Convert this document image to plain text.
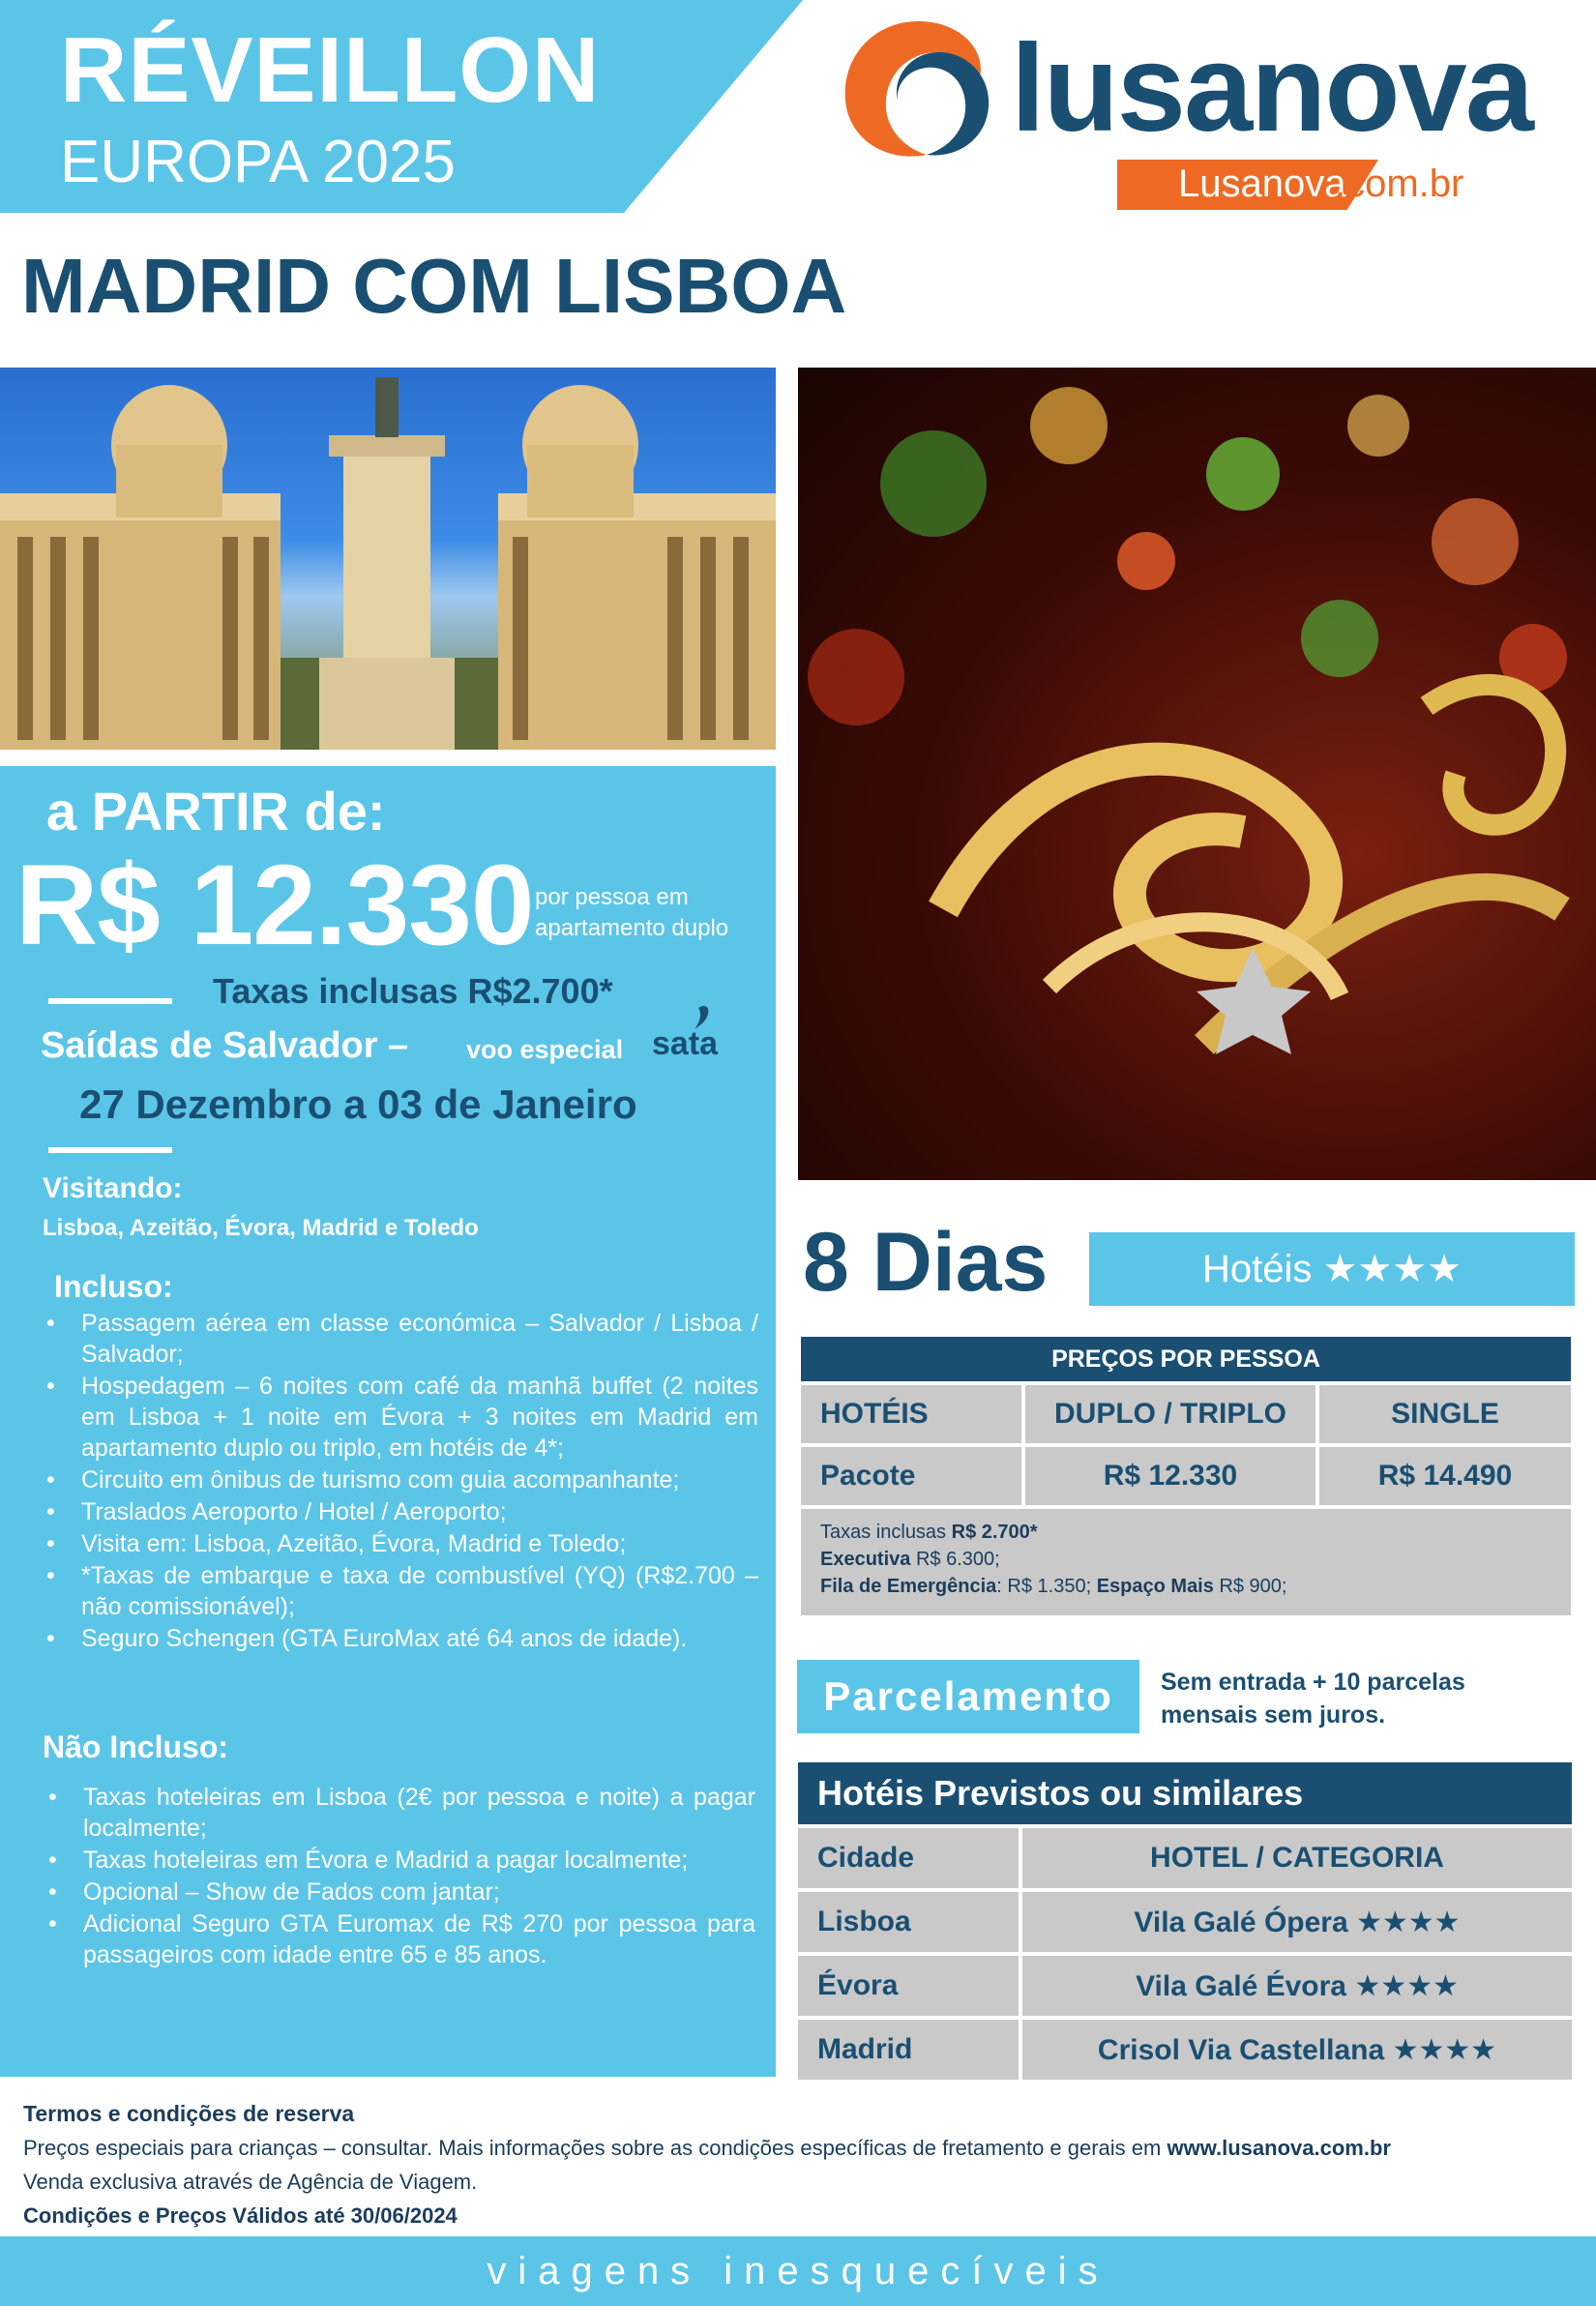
RÉVEILLON
EUROPA 2025
lusanova
Lusanova
.com.br
MADRID COM LISBOA
a PARTIR de:
R$ 12.330 por pessoa em
apartamento duplo
Taxas inclusas R$2.700*
Saídas de Salvador – voo especial sata
27 Dezembro a 03 de Janeiro
Visitando:
Lisboa, Azeitão, Évora, Madrid e Toledo
Incluso:
• Passagem aérea em classe económica – Salvador / Lisboa / Salvador;
• Hospedagem – 6 noites com café da manhã buffet (2 noites em Lisboa + 1 noite em Évora + 3 noites em Madrid em apartamento duplo ou triplo, em hotéis de 4*;
• Circuito em ônibus de turismo com guia acompanhante;
• Traslados Aeroporto / Hotel / Aeroporto;
• Visita em: Lisboa, Azeitão, Évora, Madrid e Toledo;
• *Taxas de embarque e taxa de combustível (YQ) (R$2.700 – não comissionável);
• Seguro Schengen (GTA EuroMax até 64 anos de idade).
Não Incluso:
• Taxas hoteleiras em Lisboa (2€ por pessoa e noite) a pagar localmente;
• Taxas hoteleiras em Évora e Madrid a pagar localmente;
• Opcional – Show de Fados com jantar;
• Adicional Seguro GTA Euromax de R$ 270 por pessoa para passageiros com idade entre 65 e 85 anos.
8 Dias	Hotéis ★★★★
PREÇOS POR PESSOA
HOTÉIS	DUPLO / TRIPLO	SINGLE
Pacote	R$ 12.330	R$ 14.490
Taxas inclusas R$ 2.700*
Executiva R$ 6.300;
Fila de Emergência: R$ 1.350; Espaço Mais R$ 900;
Parcelamento	Sem entrada + 10 parcelas mensais sem juros.
Hotéis Previstos ou similares
Cidade	HOTEL / CATEGORIA
Lisboa	Vila Galé Ópera ★★★★
Évora	Vila Galé Évora ★★★★
Madrid	Crisol Via Castellana ★★★★
Termos e condições de reserva
Preços especiais para crianças – consultar. Mais informações sobre as condições específicas de fretamento e gerais em www.lusanova.com.br
Venda exclusiva através de Agência de Viagem.
Condições e Preços Válidos até 30/06/2024
viagens inesquecíveis
